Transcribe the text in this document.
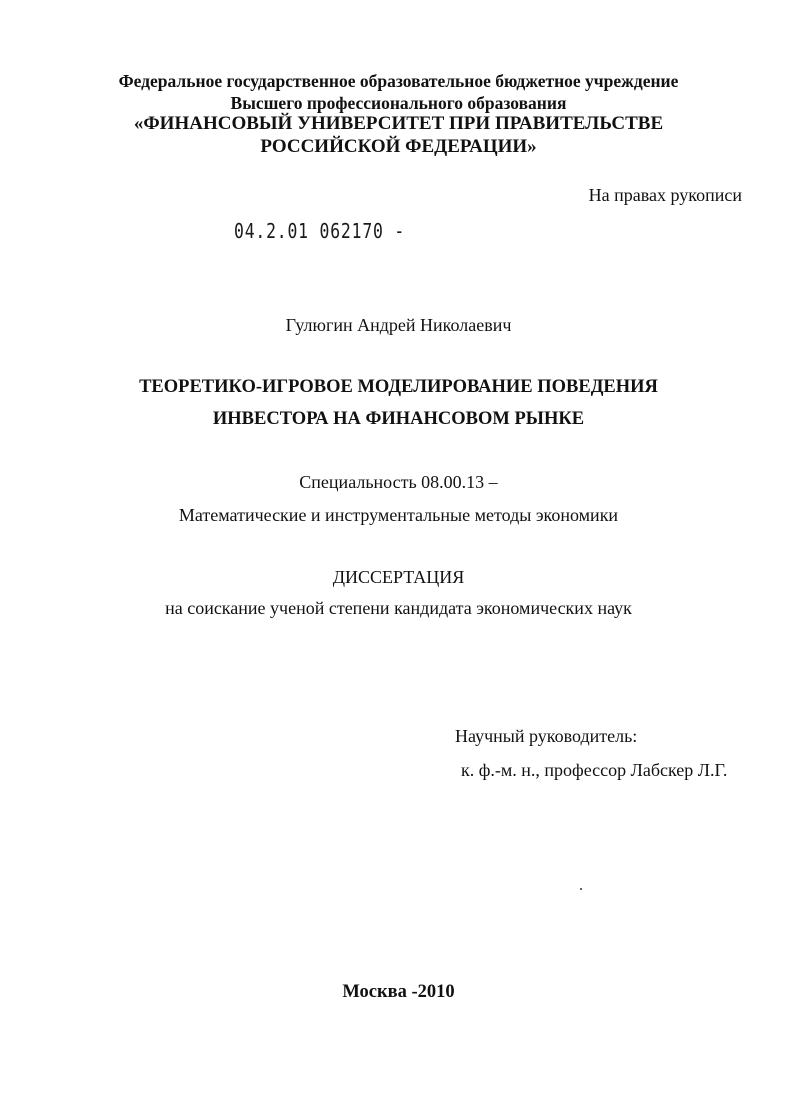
Федеральное государственное образовательное бюджетное учреждение

Высшего профессионального образования

«ФИНАНСОВЫЙ УНИВЕРСИТЕТ ПРИ ПРАВИТЕЛЬСТВЕ

РОССИЙСКОЙ ФЕДЕРАЦИИ»

На правах рукописи
04.2.01 062170 -

Гулюгин Андрей Николаевич

ТЕОРЕТИКО-ИГРОВОЕ МОДЕЛИРОВАНИЕ ПОВЕДЕНИЯ

ИНВЕСТОРА НА ФИНАНСОВОМ РЫНКЕ

Специальность 08.00.13 –

Математические и инструментальные методы экономики

ДИССЕРТАЦИЯ

на соискание ученой степени кандидата экономических наук

Научный руководитель:
к. ф.-м. н., профессор Лабскер Л.Г.

Москва -2010
